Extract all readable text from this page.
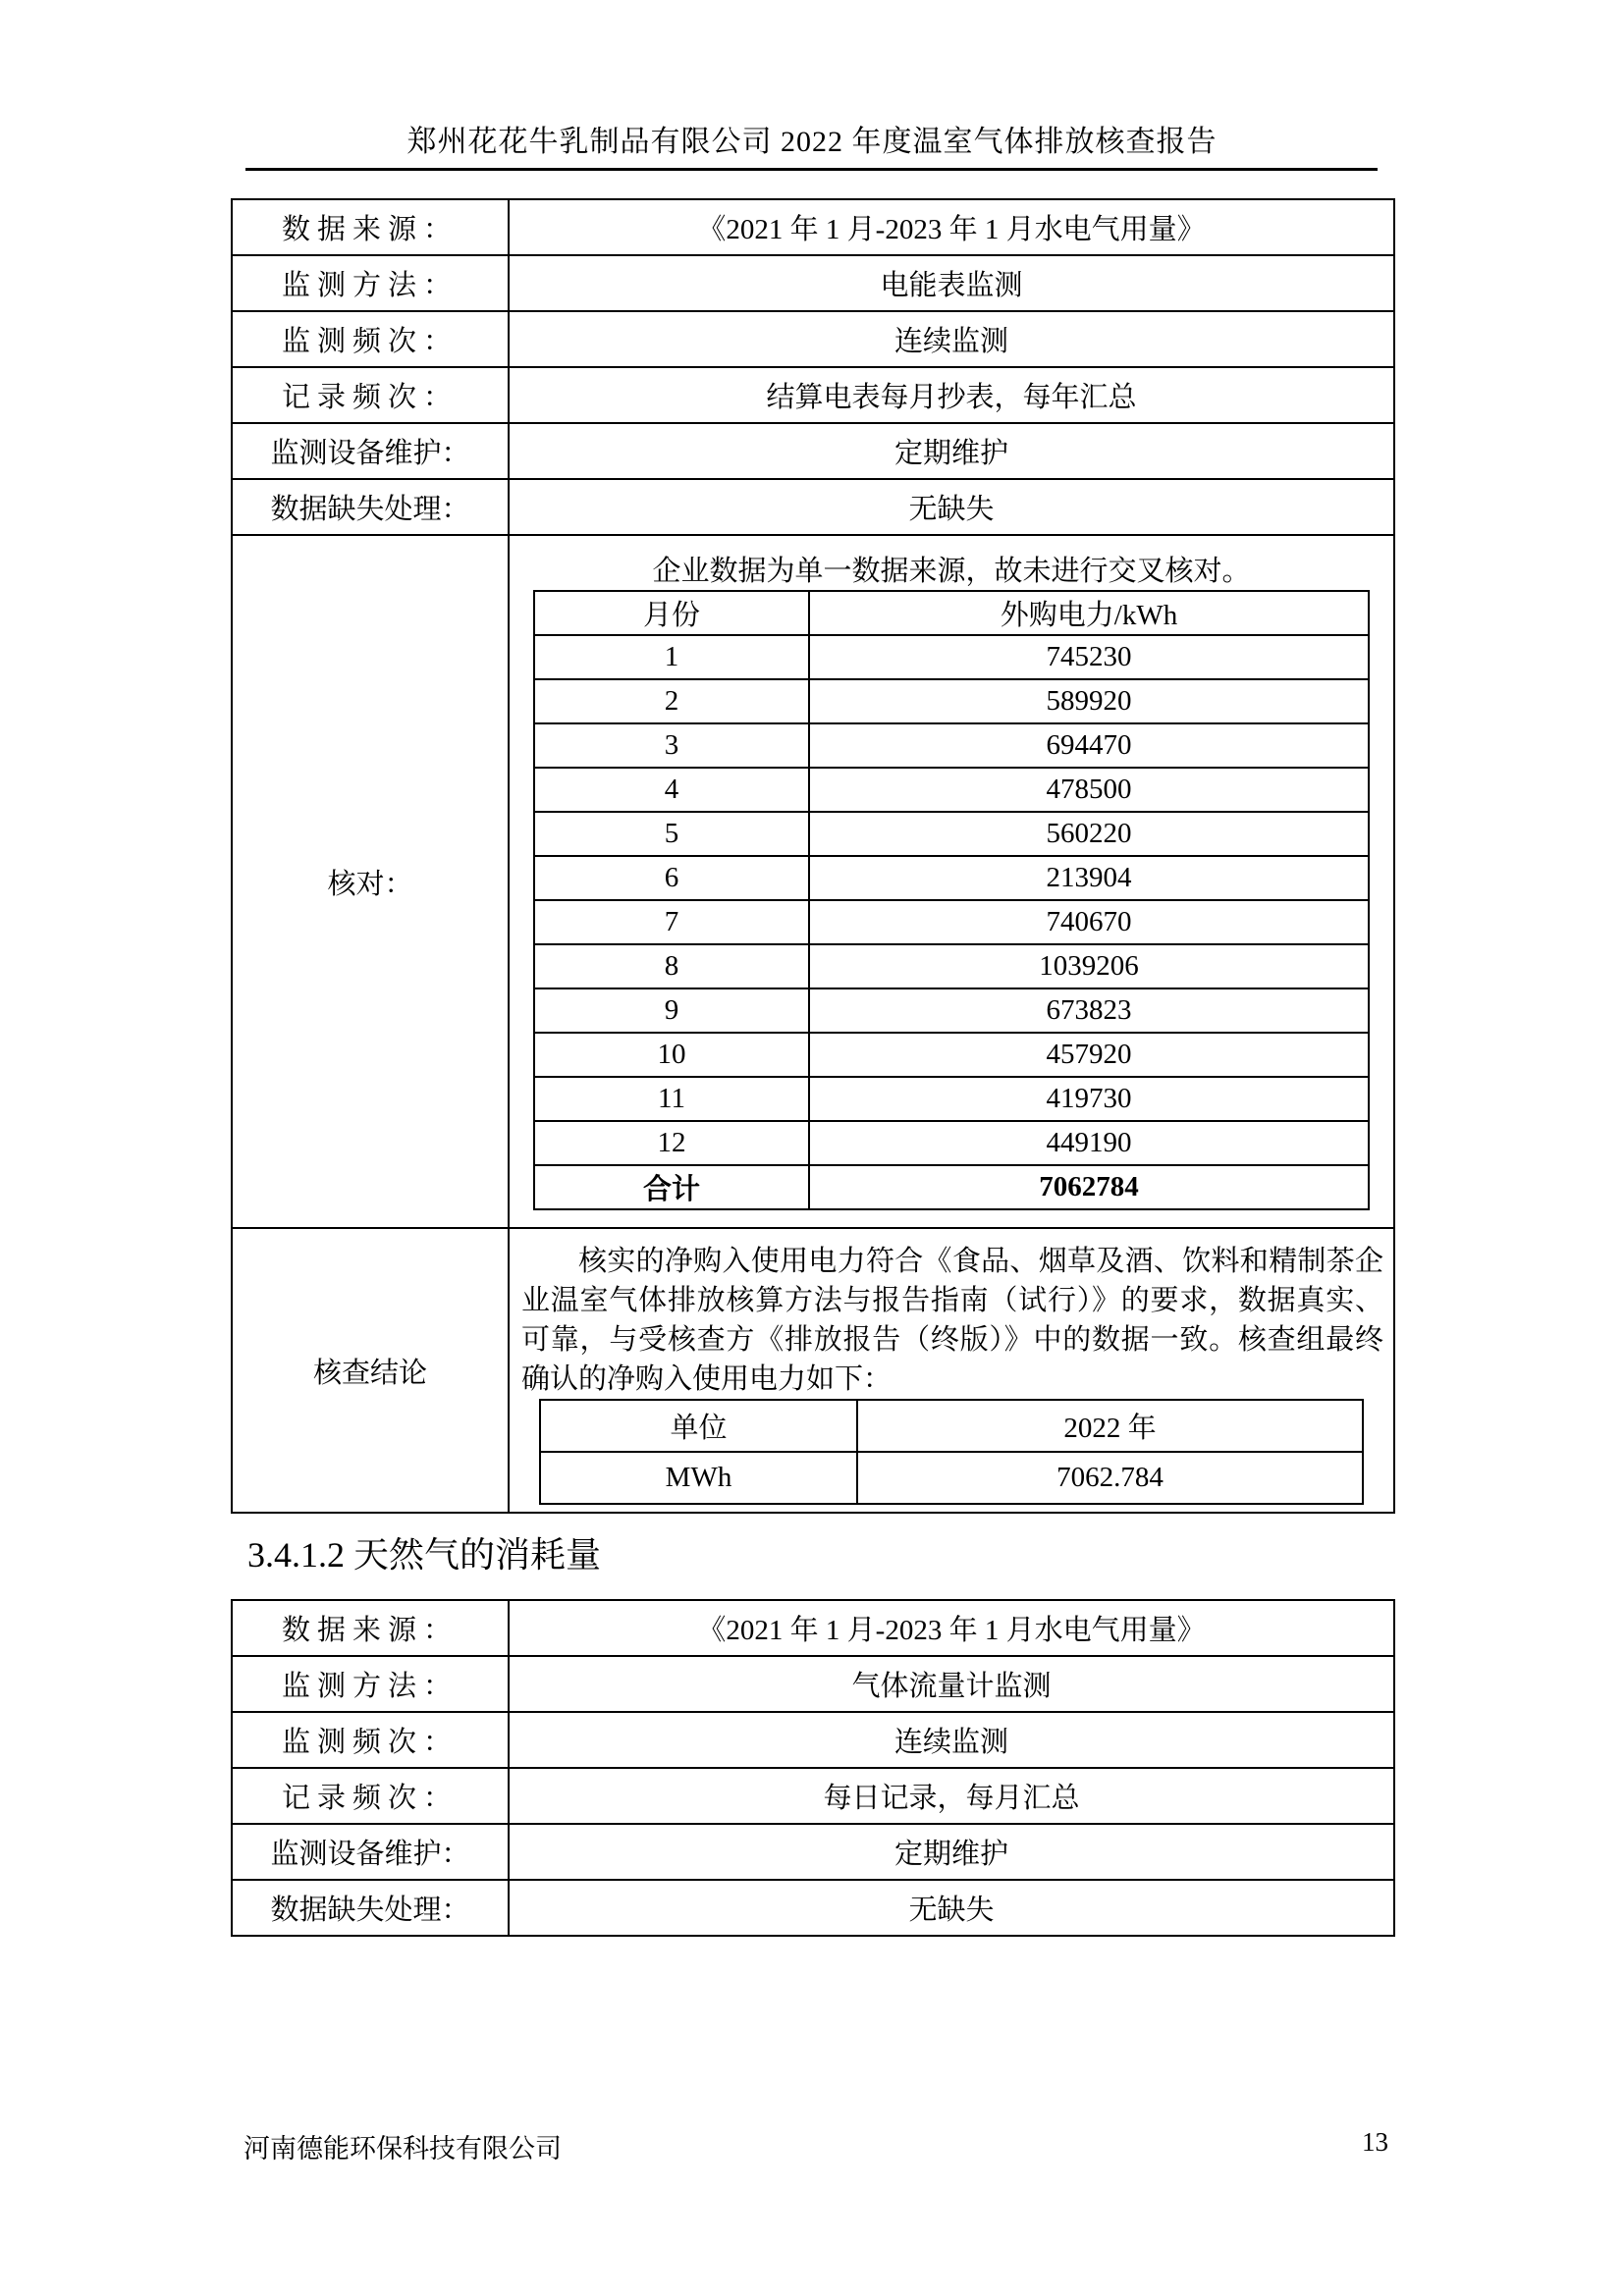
郑州花花牛乳制品有限公司 2022 年度温室气体排放核查报告
数据来源：	《2021 年 1 月-2023 年 1 月水电气用量》
监测方法：	电能表监测
监测频次：	连续监测
记录频次：	结算电表每月抄表，每年汇总
监测设备维护：	定期维护
数据缺失处理：	无缺失
核对：	
企业数据为单一数据来源，故未进行交叉核对。
月份	外购电力/kWh
1	745230
2	589920
3	694470
4	478500
5	560220
6	213904
7	740670
8	1039206
9	673823
10	457920
11	419730
12	449190
合计	7062784

核查结论	
核实的净购入使用电力符合《食品、烟草及酒、饮料和精制茶企业温室气体排放核算方法与报告指南（试行）》的要求，数据真实、可靠，与受核查方《排放报告（终版）》中的数据一致。核查组最终确认的净购入使用电力如下：
单位	2022 年
MWh	7062.784
3.4.1.2 天然气的消耗量
数据来源：	《2021 年 1 月-2023 年 1 月水电气用量》
监测方法：	气体流量计监测
监测频次：	连续监测
记录频次：	每日记录，每月汇总
监测设备维护：	定期维护
数据缺失处理：	无缺失
河南德能环保科技有限公司	13
